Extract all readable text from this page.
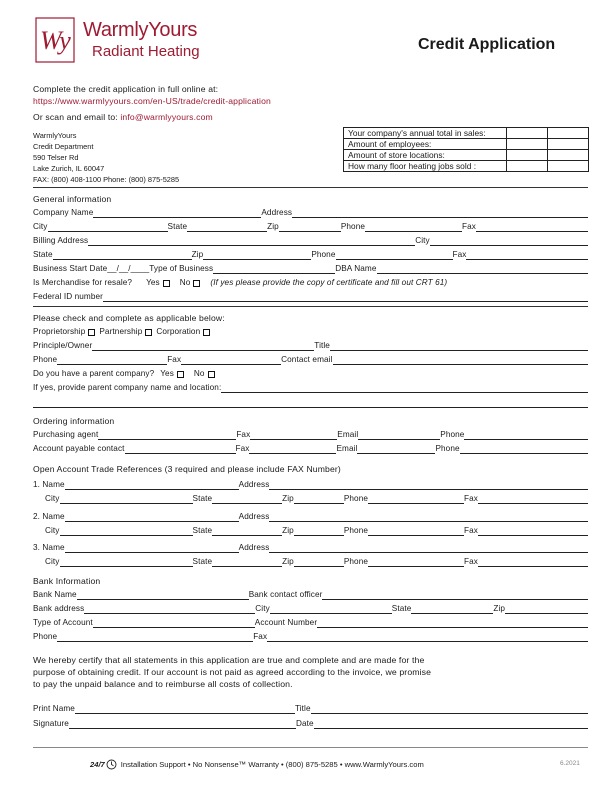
Wy WarmlyYours
Radiant Heating	Credit Application
Complete the credit application in full online at:
https://www.warmlyyours.com/en-US/trade/credit-application
Or scan and email to: info@warmlyyours.com
WarmlyYours
Credit Department
590 Telser Rd
Lake Zurich, IL 60047
FAX: (800) 408-1100 Phone: (800) 875-5285
Your company's annual total in sales:		
Amount of employees:		
Amount of store locations:		
How many floor heating jobs sold :		
General information
Company Name	Address
City	State	Zip	Phone	Fax
Billing Address	City
State	Zip	Phone	Fax
Business Start Date__/__/____ Type of Business	DBA Name
Is Merchandise for resale? Yes No (If yes please provide the copy of certificate and fill out CRT 61)
Federal ID number
Please check and complete as applicable below:
Proprietorship Partnership Corporation
Principle/Owner	Title
Phone	Fax	Contact email
Do you have a parent company? Yes No
If yes, provide parent company name and location:
Ordering information
Purchasing agent	Fax	Email	Phone
Account payable contact	Fax	Email	Phone
Open Account Trade References (3 required and please include FAX Number)
1. Name	Address
City	State	Zip	Phone	Fax
2. Name	Address
City	State	Zip	Phone	Fax
3. Name	Address
City	State	Zip	Phone	Fax
Bank Information
Bank Name	Bank contact officer
Bank address	City	State	Zip
Type of Account	Account Number
Phone	Fax
We hereby certify that all statements in this application are true and complete and are made for the
purpose of obtaining credit. If our account is not paid as agreed according to the invoice, we promise
to pay the unpaid balance and to reimburse all costs of collection.
Print Name	Title
Signature	Date
24/7 Installation Support • No Nonsense™ Warranty • (800) 875-5285 • www.WarmlyYours.com	6.2021
